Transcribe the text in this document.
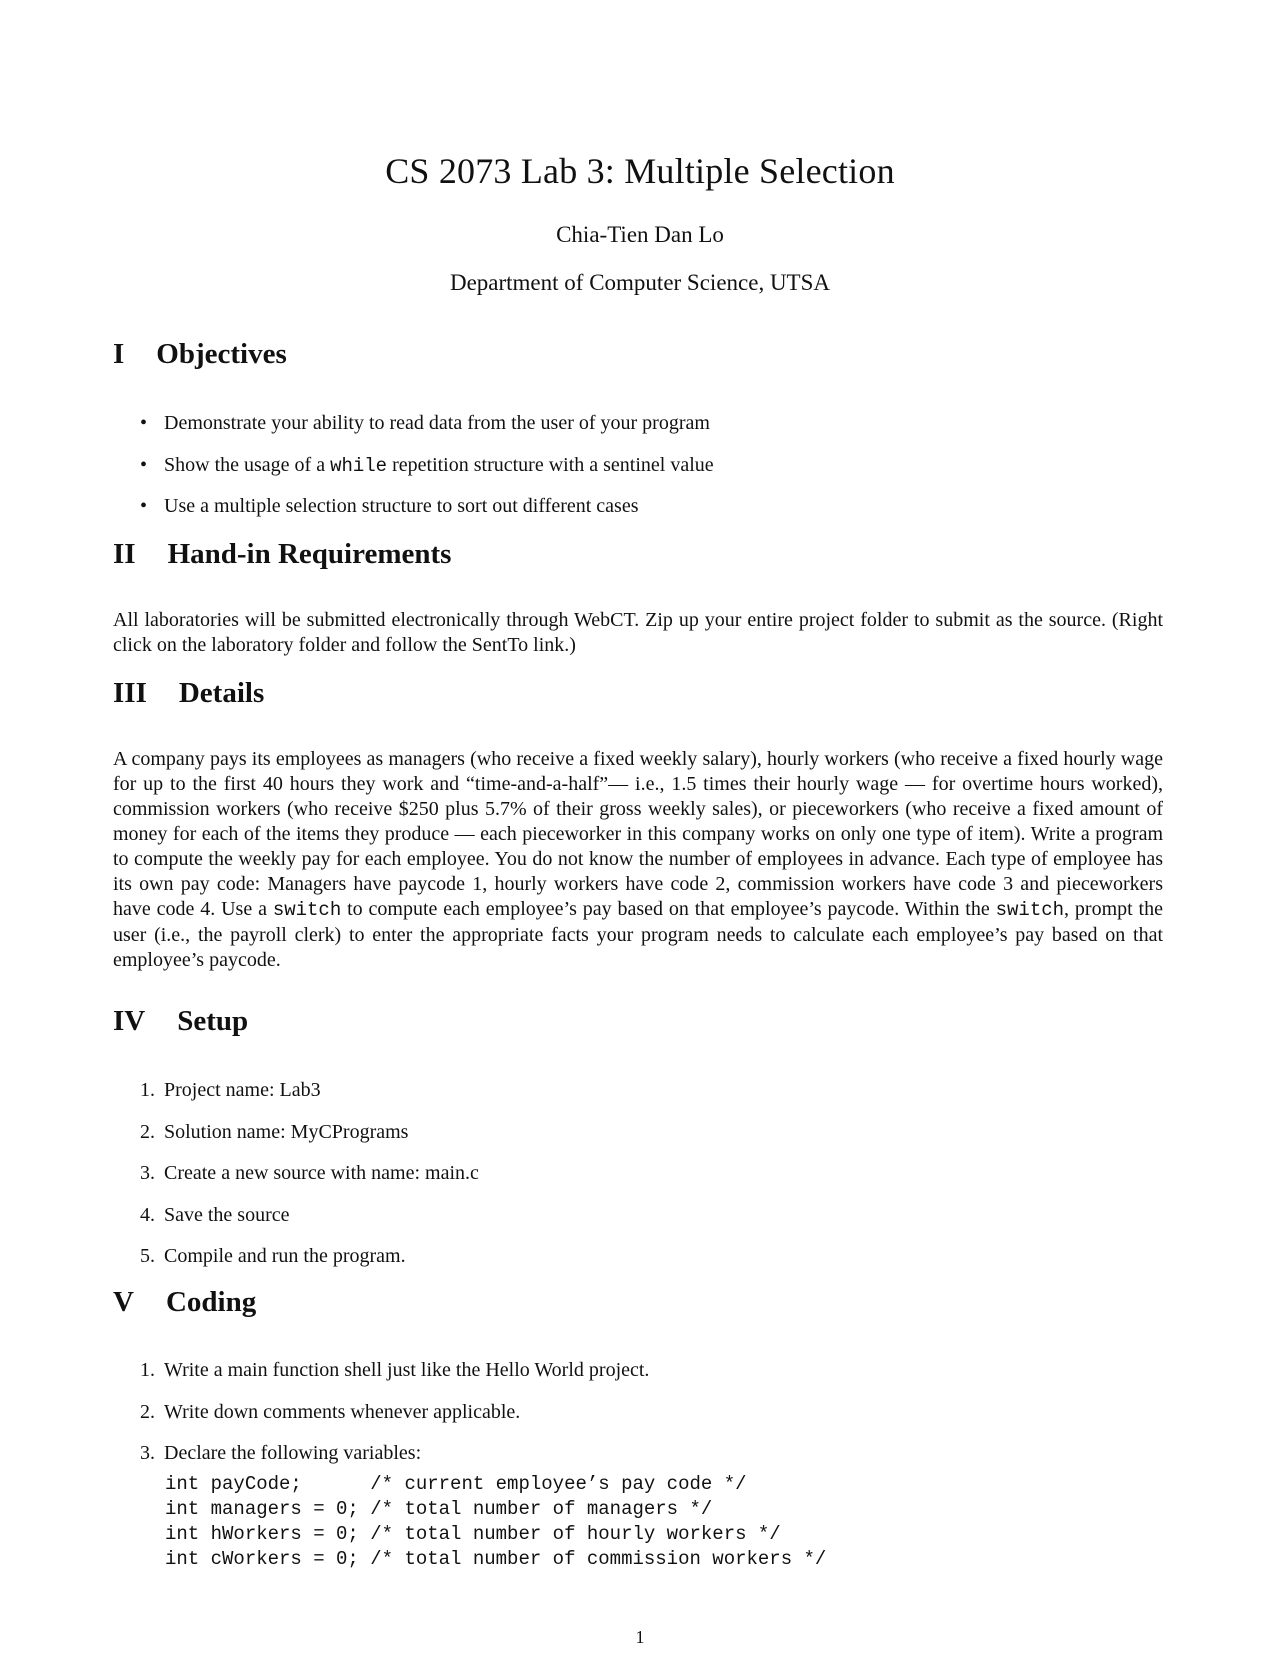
CS 2073 Lab 3: Multiple Selection
Chia-Tien Dan Lo
Department of Computer Science, UTSA
I Objectives
• Demonstrate your ability to read data from the user of your program
• Show the usage of a while repetition structure with a sentinel value
• Use a multiple selection structure to sort out different cases
II Hand-in Requirements
All laboratories will be submitted electronically through WebCT. Zip up your entire project folder to submit as the source. (Right click on the laboratory folder and follow the SentTo link.)
III Details
A company pays its employees as managers (who receive a fixed weekly salary), hourly workers (who receive a fixed hourly wage for up to the first 40 hours they work and “time-and-a-half”— i.e., 1.5 times their hourly wage — for overtime hours worked), commission workers (who receive $250 plus 5.7% of their gross weekly sales), or pieceworkers (who receive a fixed amount of money for each of the items they produce — each pieceworker in this company works on only one type of item). Write a program to compute the weekly pay for each employee. You do not know the number of employees in advance. Each type of employee has its own pay code: Managers have paycode 1, hourly workers have code 2, commission workers have code 3 and pieceworkers have code 4. Use a switch to compute each employee’s pay based on that employee’s paycode. Within the switch, prompt the user (i.e., the payroll clerk) to enter the appropriate facts your program needs to calculate each employee’s pay based on that employee’s paycode.
IV Setup
1. Project name: Lab3
2. Solution name: MyCPrograms
3. Create a new source with name: main.c
4. Save the source
5. Compile and run the program.
V Coding
1. Write a main function shell just like the Hello World project.
2. Write down comments whenever applicable.
3. Declare the following variables:
int payCode;      /* current employee’s pay code */
int managers = 0; /* total number of managers */
int hWorkers = 0; /* total number of hourly workers */
int cWorkers = 0; /* total number of commission workers */
1
